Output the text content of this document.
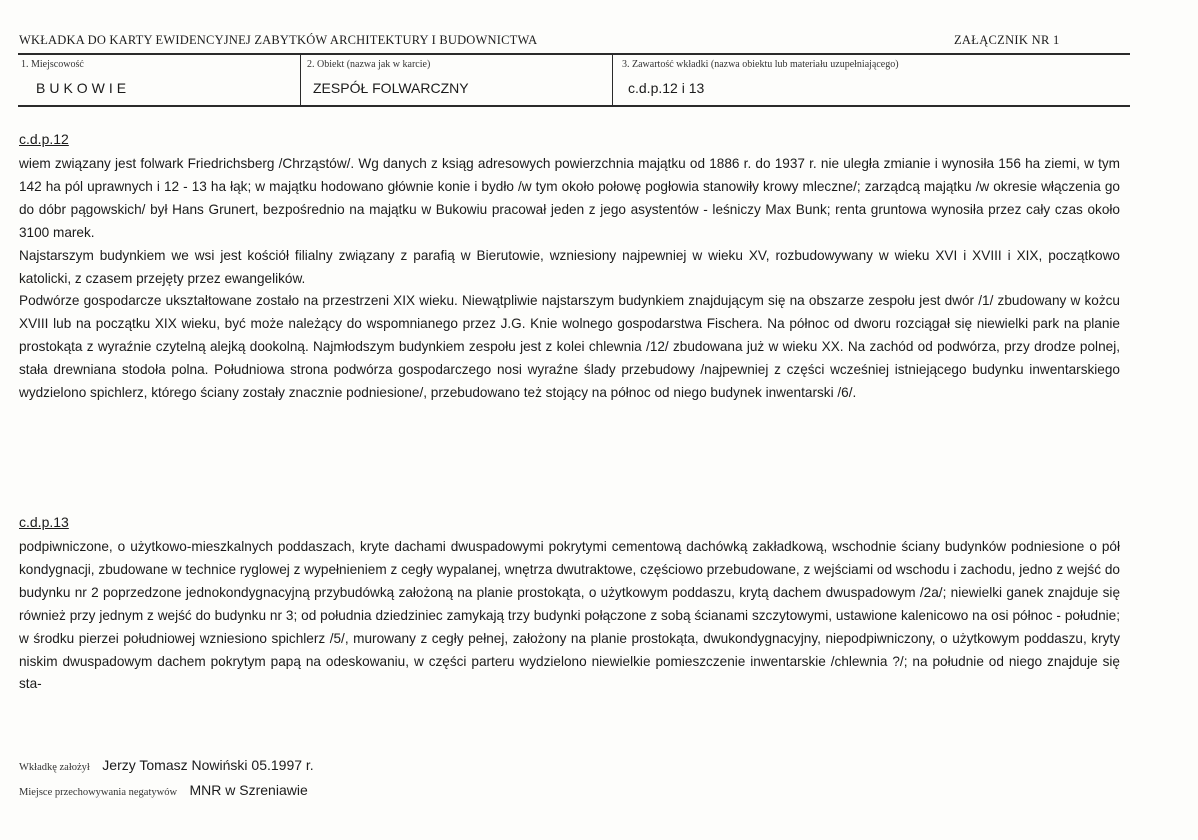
WKŁADKA DO KARTY EWIDENCYJNEJ ZABYTKÓW ARCHITEKTURY I BUDOWNICTWA	ZAŁĄCZNIK NR 1
1. Miejscowość
BUKOWIE
2. Obiekt (nazwa jak w karcie)
ZESPÓŁ FOLWARCZNY
3. Zawartość wkładki (nazwa obiektu lub materiału uzupełniającego)
c.d.p.12 i 13
c.d.p.12

wiem związany jest folwark Friedrichsberg /Chrząstów/. Wg danych z ksiąg adresowych powierzchnia majątku od 1886 r. do 1937 r. nie uległa zmianie i wynosiła 156 ha ziemi, w tym 142 ha pól uprawnych i 12 - 13 ha łąk; w majątku hodowano głównie konie i bydło /w tym około połowę pogłowia stanowiły krowy mleczne/; zarządcą majątku /w okresie włączenia go do dóbr pągowskich/ był Hans Grunert, bezpośrednio na majątku w Bukowiu pracował jeden z jego asystentów - leśniczy Max Bunk; renta gruntowa wynosiła przez cały czas około 3100 marek.

Najstarszym budynkiem we wsi jest kościół filialny związany z parafią w Bierutowie, wzniesiony najpewniej w wieku XV, rozbudowywany w wieku XVI i XVIII i XIX, początkowo katolicki, z czasem przejęty przez ewangelików.

Podwórze gospodarcze ukształtowane zostało na przestrzeni XIX wieku. Niewątpliwie najstarszym budynkiem znajdującym się na obszarze zespołu jest dwór /1/ zbudowany w kożcu XVIII lub na początku XIX wieku, być może należący do wspomnianego przez J.G. Knie wolnego gospodarstwa Fischera. Na północ od dworu rozciągał się niewielki park na planie prostokąta z wyraźnie czytelną alejką dookolną. Najmłodszym budynkiem zespołu jest z kolei chlewnia /12/ zbudowana już w wieku XX. Na zachód od podwórza, przy drodze polnej, stała drewniana stodoła polna. Południowa strona podwórza gospodarczego nosi wyraźne ślady przebudowy /najpewniej z części wcześniej istniejącego budynku inwentarskiego wydzielono spichlerz, którego ściany zostały znacznie podniesione/, przebudowano też stojący na północ od niego budynek inwentarski /6/.

c.d.p.13

podpiwniczone, o użytkowo-mieszkalnych poddaszach, kryte dachami dwuspadowymi pokrytymi cementową dachówką zakładkową, wschodnie ściany budynków podniesione o pół kondygnacji, zbudowane w technice ryglowej z wypełnieniem z cegły wypalanej, wnętrza dwutraktowe, częściowo przebudowane, z wejściami od wschodu i zachodu, jedno z wejść do budynku nr 2 poprzedzone jednokondygnacyjną przybudówką założoną na planie prostokąta, o użytkowym poddaszu, krytą dachem dwuspadowym /2a/; niewielki ganek znajduje się również przy jednym z wejść do budynku nr 3; od południa dziedziniec zamykają trzy budynki połączone z sobą ścianami szczytowymi, ustawione kalenicowo na osi północ - południe; w środku pierzei południowej wzniesiono spichlerz /5/, murowany z cegły pełnej, założony na planie prostokąta, dwukondygnacyjny, niepodpiwniczony, o użytkowym poddaszu, kryty niskim dwuspadowym dachem pokrytym papą na odeskowaniu, w części parteru wydzielono niewielkie pomieszczenie inwentarskie /chlewnia ?/; na południe od niego znajduje się sta-

Wkładkę założył Jerzy Tomasz Nowiński 05.1997 r.
Miejsce przechowywania negatywów MNR w Szreniawie
